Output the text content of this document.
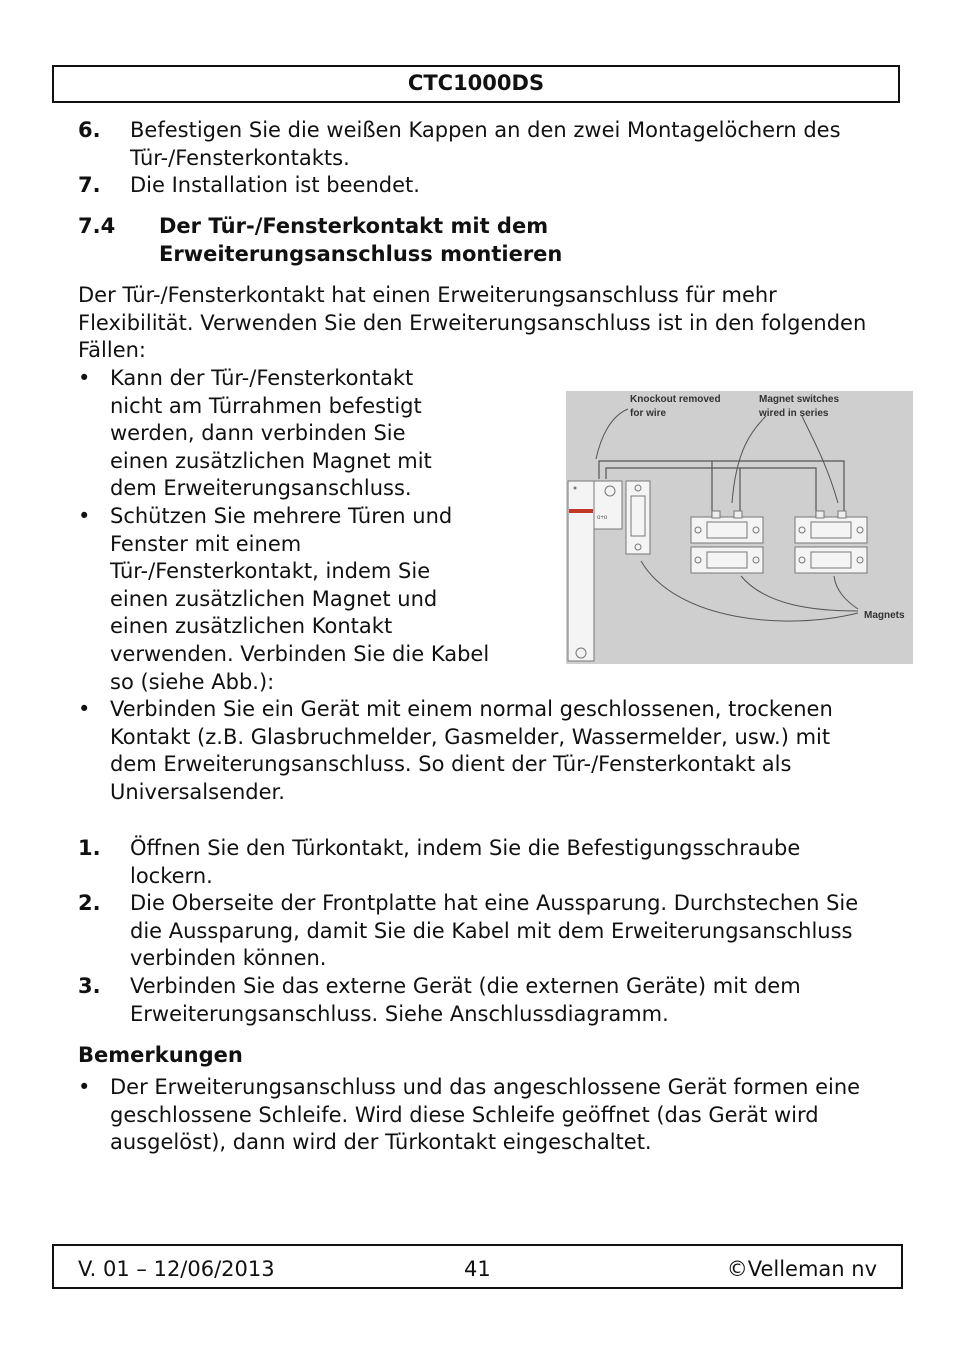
CTC1000DS
6. Befestigen Sie die weißen Kappen an den zwei Montagelöchern des Tür-/Fensterkontakts.
7. Die Installation ist beendet.
7.4 Der Tür-/Fensterkontakt mit dem Erweiterungsanschluss montieren
Der Tür-/Fensterkontakt hat einen Erweiterungsanschluss für mehr Flexibilität. Verwenden Sie den Erweiterungsanschluss ist in den folgenden Fällen:
• Kann der Tür-/Fensterkontakt nicht am Türrahmen befestigt werden, dann verbinden Sie einen zusätzlichen Magnet mit dem Erweiterungsanschluss.
• Schützen Sie mehrere Türen und Fenster mit einem Tür-/Fensterkontakt, indem Sie einen zusätzlichen Magnet und einen zusätzlichen Kontakt verwenden. Verbinden Sie die Kabel so (siehe Abb.):
• Verbinden Sie ein Gerät mit einem normal geschlossenen, trockenen Kontakt (z.B. Glasbruchmelder, Gasmelder, Wassermelder, usw.) mit dem Erweiterungsanschluss. So dient der Tür-/Fensterkontakt als Universalsender.
Knockout removed
for wire
Magnet switches
wired in series
Magnets
o+o
1. Öffnen Sie den Türkontakt, indem Sie die Befestigungsschraube lockern.
2. Die Oberseite der Frontplatte hat eine Aussparung. Durchstechen Sie die Aussparung, damit Sie die Kabel mit dem Erweiterungsanschluss verbinden können.
3. Verbinden Sie das externe Gerät (die externen Geräte) mit dem Erweiterungsanschluss. Siehe Anschlussdiagramm.
Bemerkungen
• Der Erweiterungsanschluss und das angeschlossene Gerät formen eine geschlossene Schleife. Wird diese Schleife geöffnet (das Gerät wird ausgelöst), dann wird der Türkontakt eingeschaltet.
V. 01 – 12/06/2013	41	©Velleman nv
